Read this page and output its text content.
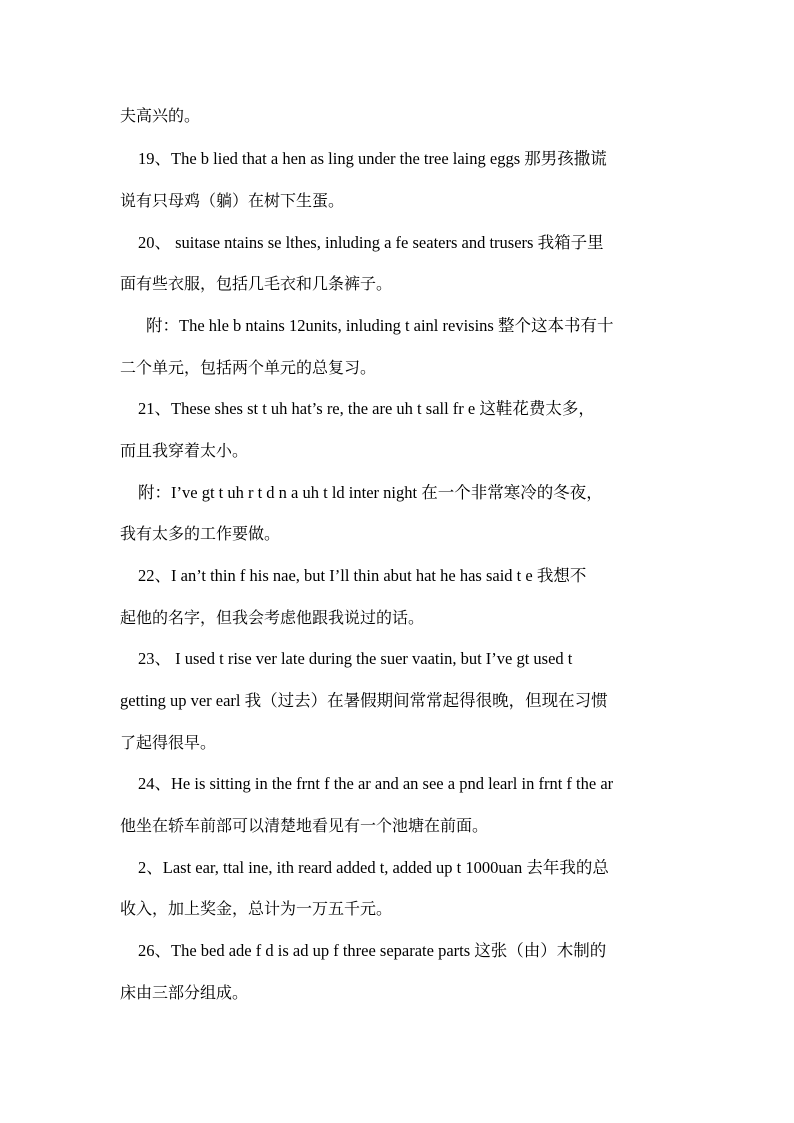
夫高兴的。
19、The b lied that a hen as ling under the tree laing eggs 那男孩撒谎
说有只母鸡（躺）在树下生蛋。
20、 suitase ntains se lthes, inluding a fe seaters and trusers 我箱子里
面有些衣服，包括几毛衣和几条裤子。
附：The hle b ntains 12units, inluding t ainl revisins 整个这本书有十
二个单元，包括两个单元的总复习。
21、These shes st t uh hat’s re, the are uh t sall fr e 这鞋花费太多，
而且我穿着太小。
附：I’ve gt t uh r t d n a uh t ld inter night 在一个非常寒冷的冬夜，
我有太多的工作要做。
22、I an’t thin f his nae, but I’ll thin abut hat he has said t e 我想不
起他的名字，但我会考虑他跟我说过的话。
23、 I used t rise ver late during the suer vaatin, but I’ve gt used t
getting up ver earl 我（过去）在暑假期间常常起得很晚，但现在习惯
了起得很早。
24、He is sitting in the frnt f the ar and an see a pnd learl in frnt f the ar
他坐在轿车前部可以清楚地看见有一个池塘在前面。
2、Last ear, ttal ine, ith reard added t, added up t 1000uan 去年我的总
收入，加上奖金，总计为一万五千元。
26、The bed ade f d is ad up f three separate parts 这张（由）木制的
床由三部分组成。
